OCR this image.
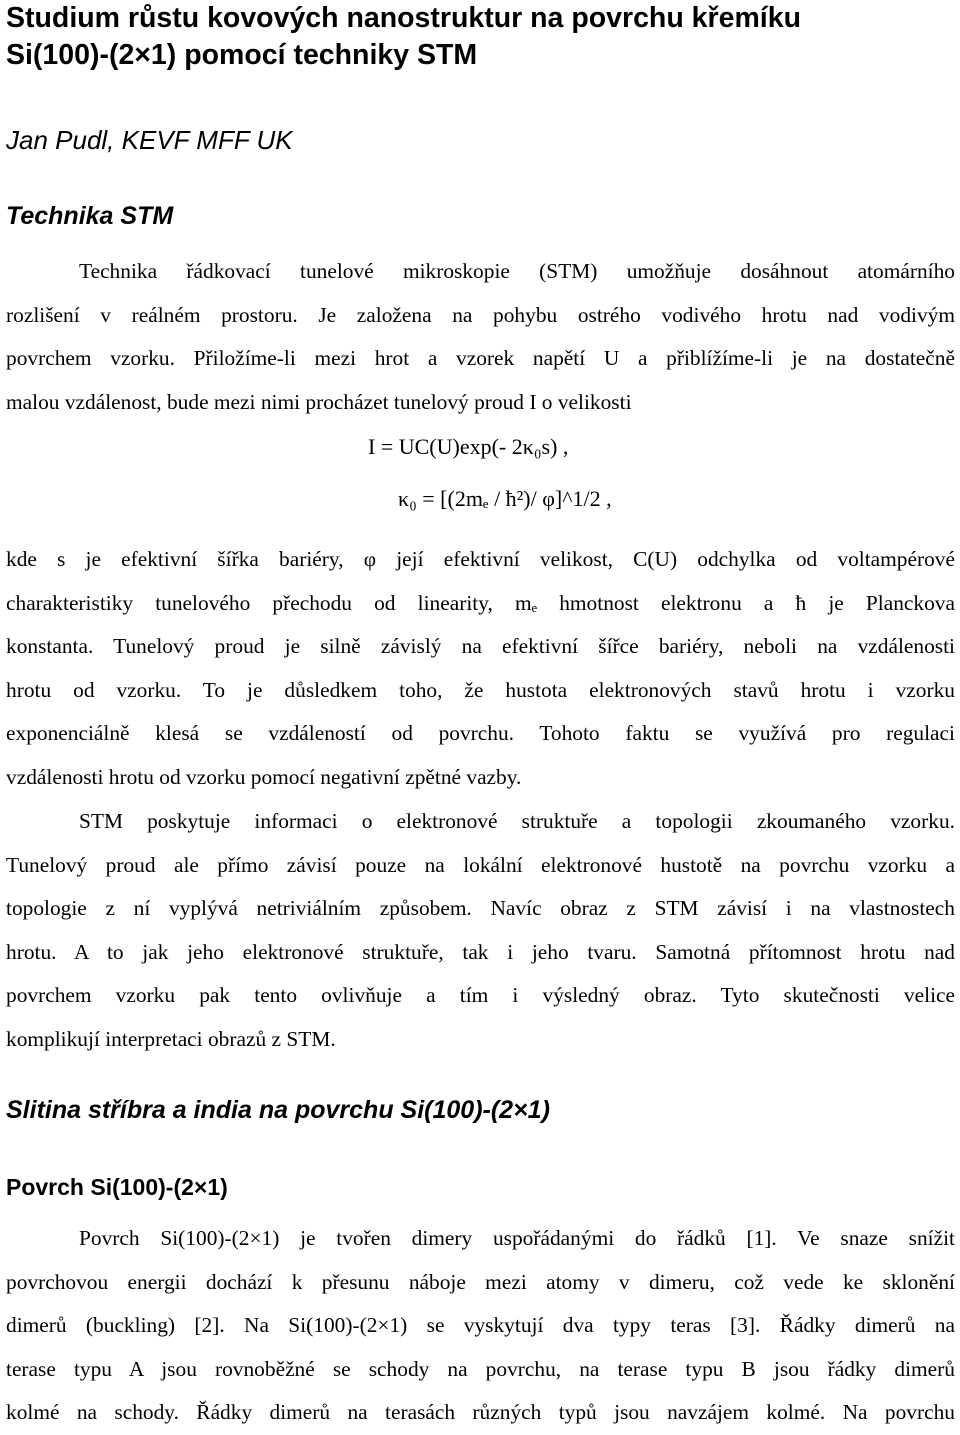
Studium růstu kovových nanostruktur na povrchu křemíku
Si(100)-(2×1) pomocí techniky STM

Jan Pudl, KEVF MFF UK

Technika STM
Technika řádkovací tunelové mikroskopie (STM) umožňuje dosáhnout atomárního
rozlišení v reálném prostoru. Je založena na pohybu ostrého vodivého hrotu nad vodivým
povrchem vzorku. Přiložíme-li mezi hrot a vzorek napětí U a přiblížíme-li je na dostatečně
malou vzdálenost, bude mezi nimi procházet tunelový proud I o velikosti
I = UC(U)exp(- 2κ₀s) ,
κ₀ = [(2mₑ / ħ²)/ φ]^1/2 ,
kde s je efektivní šířka bariéry, φ její efektivní velikost, C(U) odchylka od voltampérové
charakteristiky tunelového přechodu od linearity, mₑ hmotnost elektronu a ħ je Planckova
konstanta. Tunelový proud je silně závislý na efektivní šířce bariéry, neboli na vzdálenosti
hrotu od vzorku. To je důsledkem toho, že hustota elektronových stavů hrotu i vzorku
exponenciálně klesá se vzdáleností od povrchu. Tohoto faktu se využívá pro regulaci
vzdálenosti hrotu od vzorku pomocí negativní zpětné vazby.
STM poskytuje informaci o elektronové struktuře a topologii zkoumaného vzorku.
Tunelový proud ale přímo závisí pouze na lokální elektronové hustotě na povrchu vzorku a
topologie z ní vyplývá netriviálním způsobem. Navíc obraz z STM závisí i na vlastnostech
hrotu. A to jak jeho elektronové struktuře, tak i jeho tvaru. Samotná přítomnost hrotu nad
povrchem vzorku pak tento ovlivňuje a tím i výsledný obraz. Tyto skutečnosti velice
komplikují interpretaci obrazů z STM.
Slitina stříbra a india na povrchu Si(100)-(2×1)
Povrch Si(100)-(2×1)
Povrch Si(100)-(2×1) je tvořen dimery uspořádanými do řádků [1]. Ve snaze snížit
povrchovou energii dochází k přesunu náboje mezi atomy v dimeru, což vede ke sklonění
dimerů (buckling) [2]. Na Si(100)-(2×1) se vyskytují dva typy teras [3]. Řádky dimerů na
terase typu A jsou rovnoběžné se schody na povrchu, na terase typu B jsou řádky dimerů
kolmé na schody. Řádky dimerů na terasách různých typů jsou navzájem kolmé. Na povrchu
